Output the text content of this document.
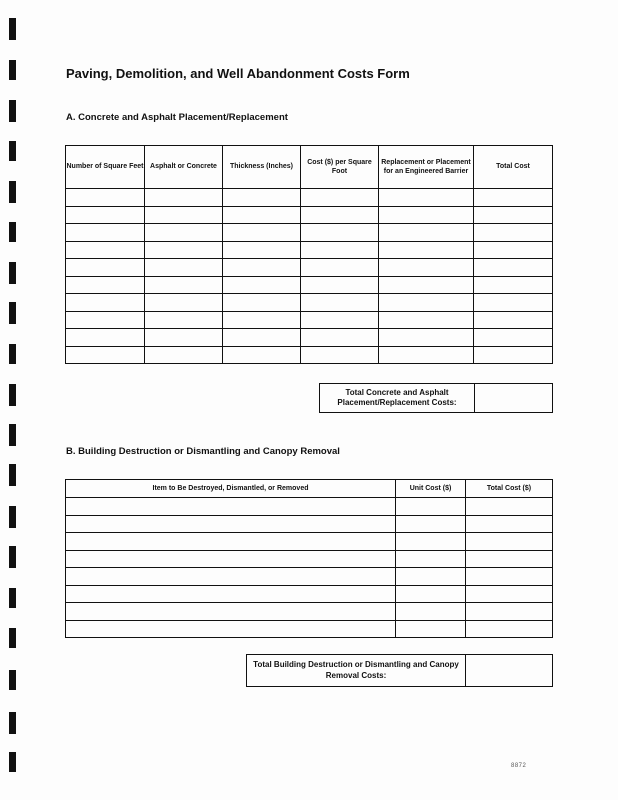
Paving, Demolition, and Well Abandonment Costs Form
A. Concrete and Asphalt Placement/Replacement
Number of Square Feet	Asphalt or Concrete	Thickness (Inches)	Cost ($) per Square Foot	Replacement or Placement for an Engineered Barrier	Total Cost

Total Concrete and Asphalt Placement/Replacement Costs:	
B. Building Destruction or Dismantling and Canopy Removal
Item to Be Destroyed, Dismantled, or Removed	Unit Cost ($)	Total Cost ($)

Total Building Destruction or Dismantling and Canopy Removal Costs:	
8872
